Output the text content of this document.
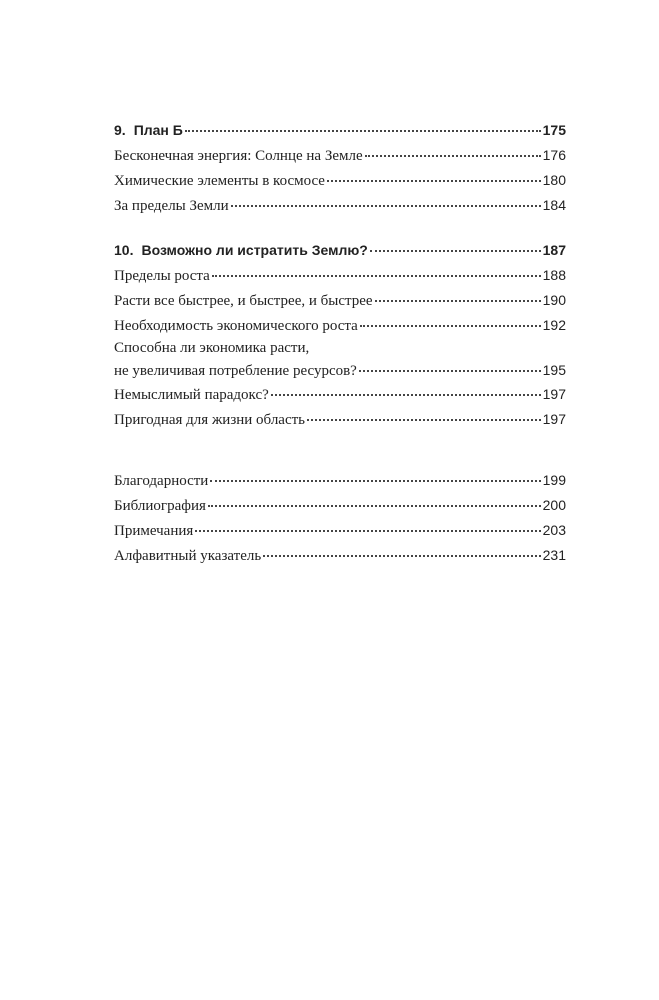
9. План Б	175
Бесконечная энергия: Солнце на Земле	176
Химические элементы в космосе	180
За пределы Земли	184
10. Возможно ли истратить Землю?	187
Пределы роста	188
Расти все быстрее, и быстрее, и быстрее	190
Необходимость экономического роста	192
Способна ли экономика расти,
не увеличивая потребление ресурсов?	195
Немыслимый парадокс?	197
Пригодная для жизни область	197
Благодарности	199
Библиография	200
Примечания	203
Алфавитный указатель	231
